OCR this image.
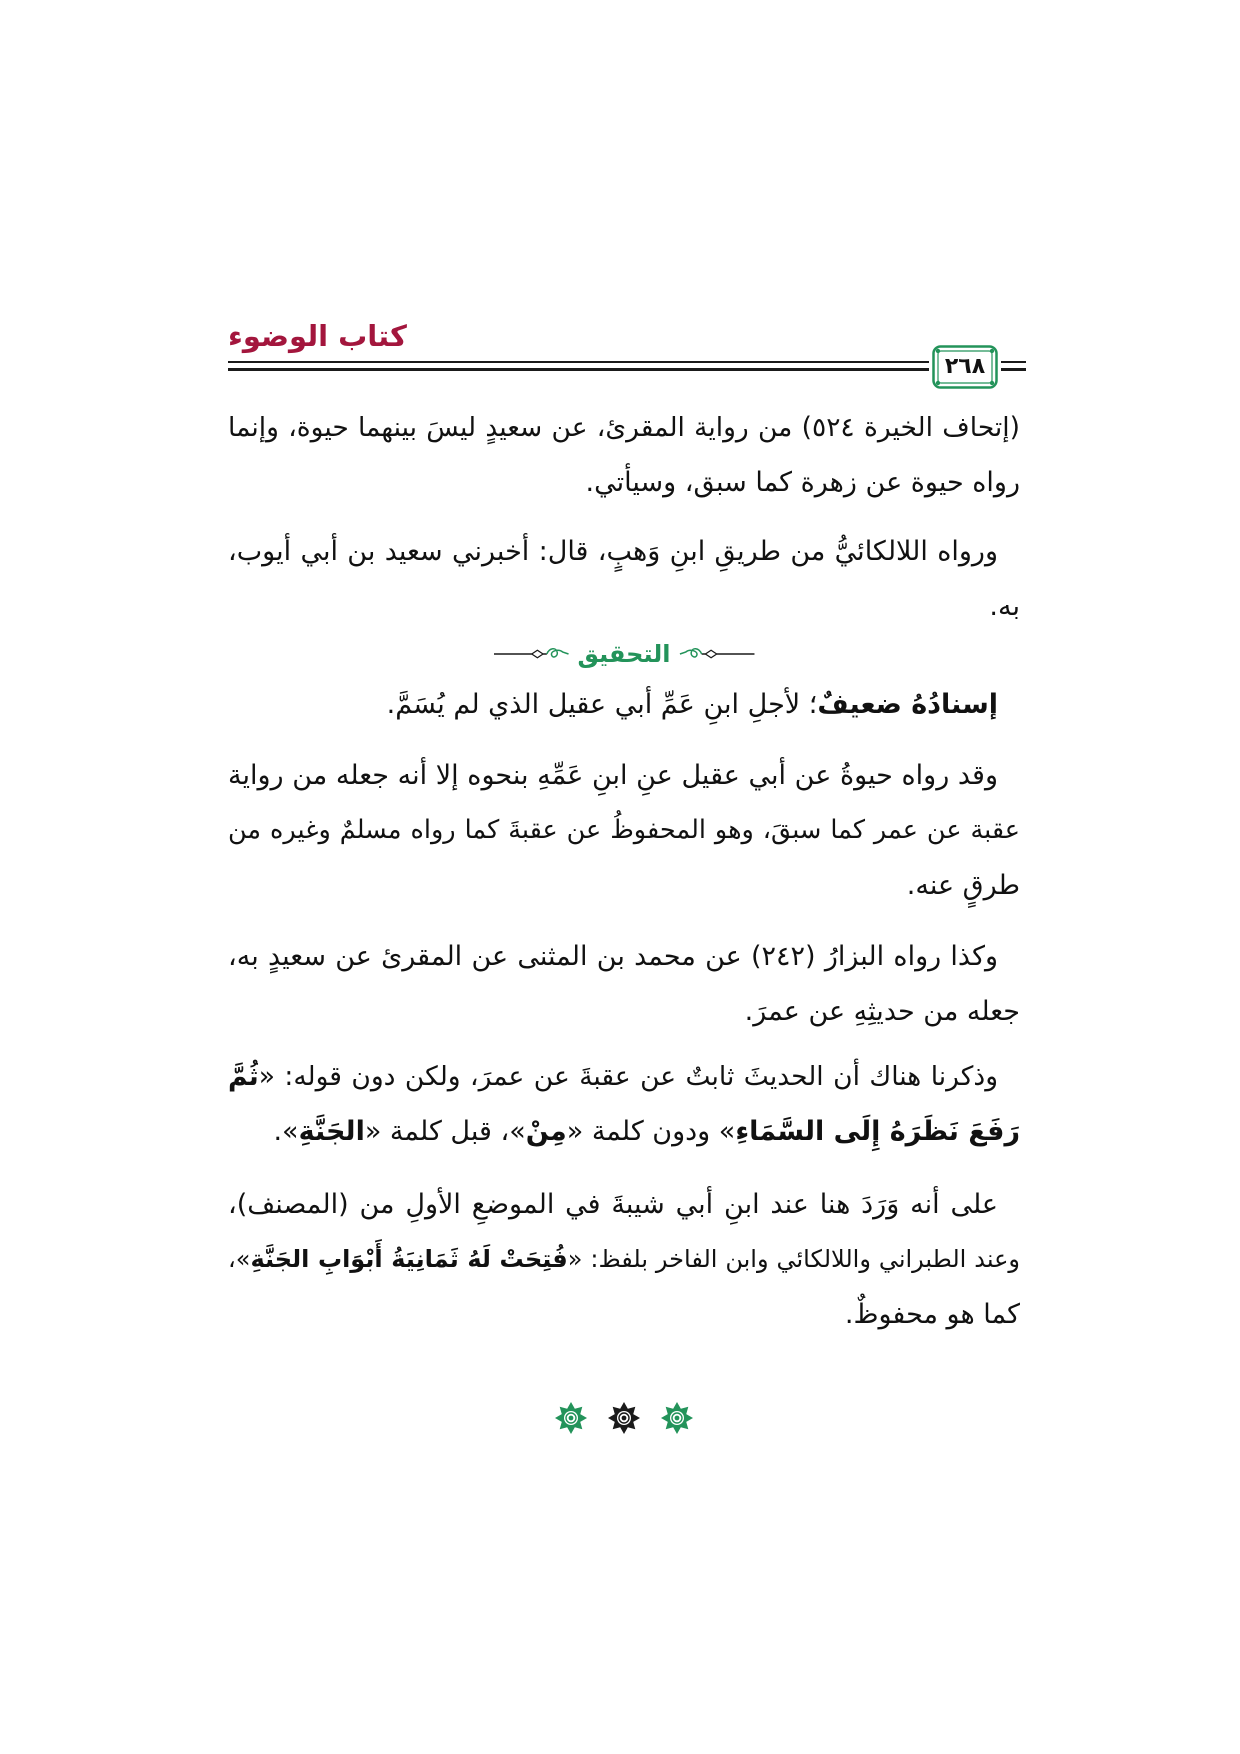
كتاب الوضوء
٢٦٨
(إتحاف الخيرة ٥٢٤) من رواية المقرئ، عن سعيدٍ ليسَ بينهما حيوة، وإنما
رواه حيوة عن زهرة كما سبق، وسيأتي.
ورواه اللالكائيُّ من طريقِ ابنِ وَهبٍ، قال: أخبرني سعيد بن أبي أيوب،
به.
التحقيق
إسنادُهُ ضعيفٌ؛ لأجلِ ابنِ عَمِّ أبي عقيل الذي لم يُسَمَّ.
وقد رواه حيوةُ عن أبي عقيل عنِ ابنِ عَمِّهِ بنحوه إلا أنه جعله من رواية
عقبة عن عمر كما سبقَ، وهو المحفوظُ عن عقبةَ كما رواه مسلمٌ وغيره من
طرقٍ عنه.
وكذا رواه البزارُ (٢٤٢) عن محمد بن المثنى عن المقرئ عن سعيدٍ به،
جعله من حديثِهِ عن عمرَ.
وذكرنا هناك أن الحديثَ ثابتٌ عن عقبةَ عن عمرَ، ولكن دون قوله: «ثُمَّ
رَفَعَ نَظَرَهُ إِلَى السَّمَاءِ» ودون كلمة «مِنْ»، قبل كلمة «الجَنَّةِ».
على أنه وَرَدَ هنا عند ابنِ أبي شيبةَ في الموضعِ الأولِ من (المصنف)،
وعند الطبراني واللالكائي وابن الفاخر بلفظ: «فُتِحَتْ لَهُ ثَمَانِيَةُ أَبْوَابِ الجَنَّةِ»،
كما هو محفوظٌ.
